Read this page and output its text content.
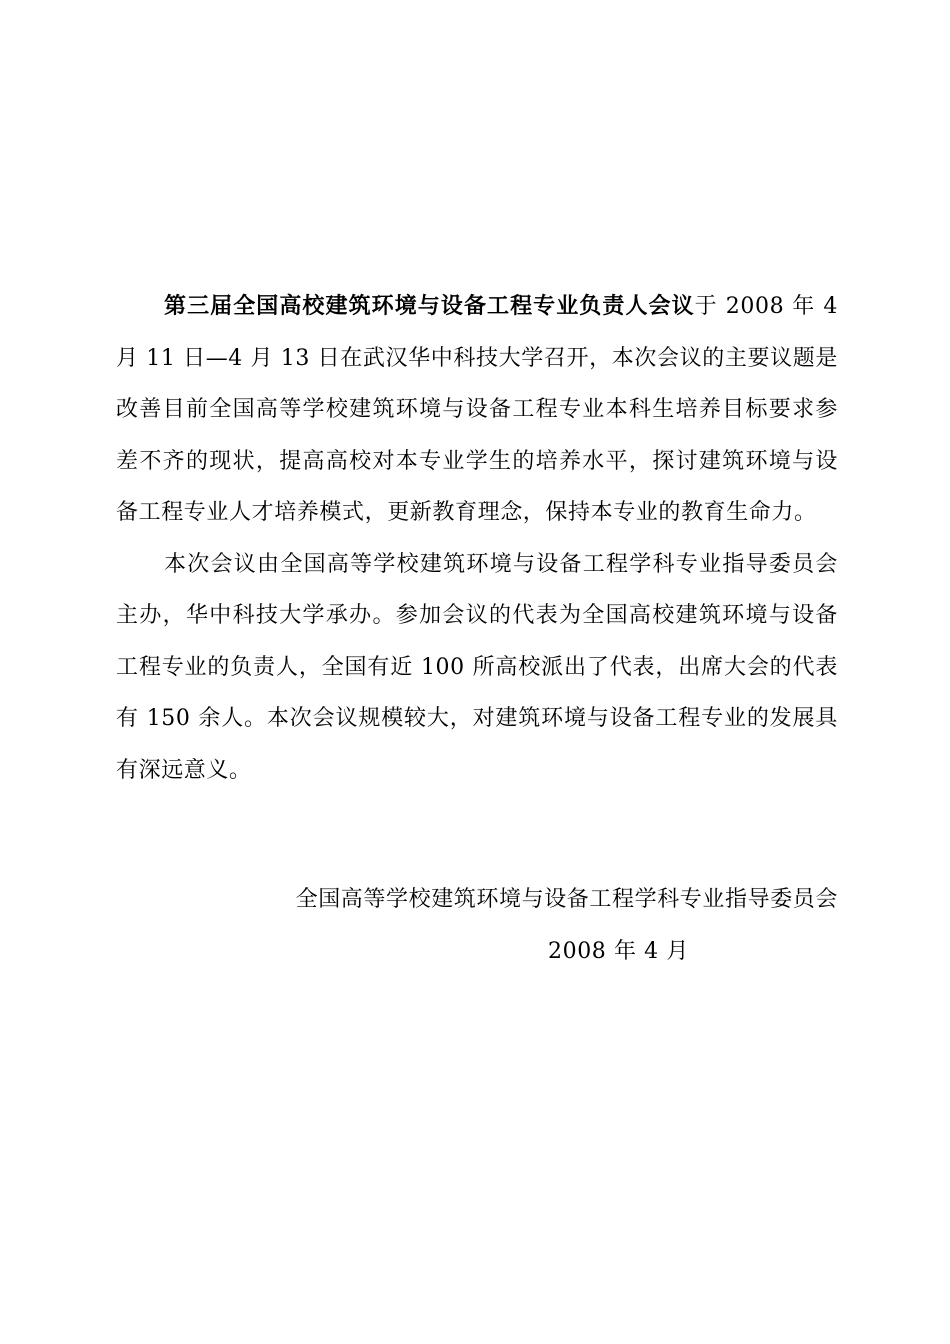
第三届全国高校建筑环境与设备工程专业负责人会议于 2008 年 4 月 11 日—4 月 13 日在武汉华中科技大学召开，本次会议的主要议题是改善目前全国高等学校建筑环境与设备工程专业本科生培养目标要求参差不齐的现状，提高高校对本专业学生的培养水平，探讨建筑环境与设备工程专业人才培养模式，更新教育理念，保持本专业的教育生命力。

本次会议由全国高等学校建筑环境与设备工程学科专业指导委员会主办，华中科技大学承办。参加会议的代表为全国高校建筑环境与设备工程专业的负责人，全国有近 100 所高校派出了代表，出席大会的代表有 150 余人。本次会议规模较大，对建筑环境与设备工程专业的发展具有深远意义。

全国高等学校建筑环境与设备工程学科专业指导委员会

2008 年 4 月
